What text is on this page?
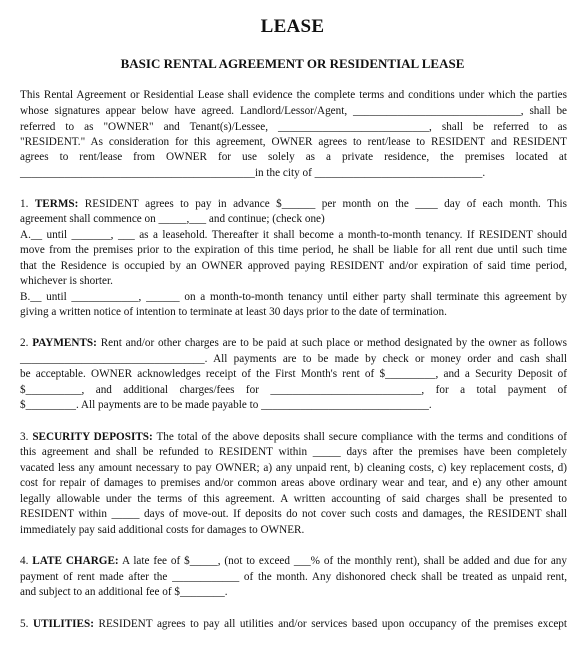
LEASE
BASIC RENTAL AGREEMENT OR RESIDENTIAL LEASE

This Rental Agreement or Residential Lease shall evidence the complete terms and conditions under which the parties

whose signatures appear below have agreed. Landlord/Lessor/Agent, ______________________________, shall be

referred to as "OWNER" and Tenant(s)/Lessee, ___________________________, shall be referred to as

"RESIDENT." As consideration for this agreement, OWNER agrees to rent/lease to RESIDENT and RESIDENT

agrees to rent/lease from OWNER for use solely as a private residence, the premises located at

__________________________________________in the city of ______________________________.

1. TERMS: RESIDENT agrees to pay in advance $______ per month on the ____ day of each month. This

agreement shall commence on _____,___ and continue; (check one)

A.__ until _______, ___ as a leasehold. Thereafter it shall become a month-to-month tenancy. If RESIDENT should

move from the premises prior to the expiration of this time period, he shall be liable for all rent due until such time

that the Residence is occupied by an OWNER approved paying RESIDENT and/or expiration of said time period,

whichever is shorter.

B.__ until ____________, ______ on a month-to-month tenancy until either party shall terminate this agreement by

giving a written notice of intention to terminate at least 30 days prior to the date of termination.

2. PAYMENTS: Rent and/or other charges are to be paid at such place or method designated by the owner as follows

_________________________________. All payments are to be made by check or money order and cash shall

be acceptable. OWNER acknowledges receipt of the First Month's rent of $_________, and a Security Deposit of

$__________, and additional charges/fees for ___________________________, for a total payment of

$_________. All payments are to be made payable to ______________________________.

3. SECURITY DEPOSITS: The total of the above deposits shall secure compliance with the terms and conditions of

this agreement and shall be refunded to RESIDENT within _____ days after the premises have been completely

vacated less any amount necessary to pay OWNER; a) any unpaid rent, b) cleaning costs, c) key replacement costs, d)

cost for repair of damages to premises and/or common areas above ordinary wear and tear, and e) any other amount

legally allowable under the terms of this agreement. A written accounting of said charges shall be presented to

RESIDENT within _____ days of move-out. If deposits do not cover such costs and damages, the RESIDENT shall

immediately pay said additional costs for damages to OWNER.

4. LATE CHARGE: A late fee of $_____, (not to exceed ___% of the monthly rent), shall be added and due for any

payment of rent made after the ____________ of the month. Any dishonored check shall be treated as unpaid rent,

and subject to an additional fee of $________.

5. UTILITIES: RESIDENT agrees to pay all utilities and/or services based upon occupancy of the premises except
